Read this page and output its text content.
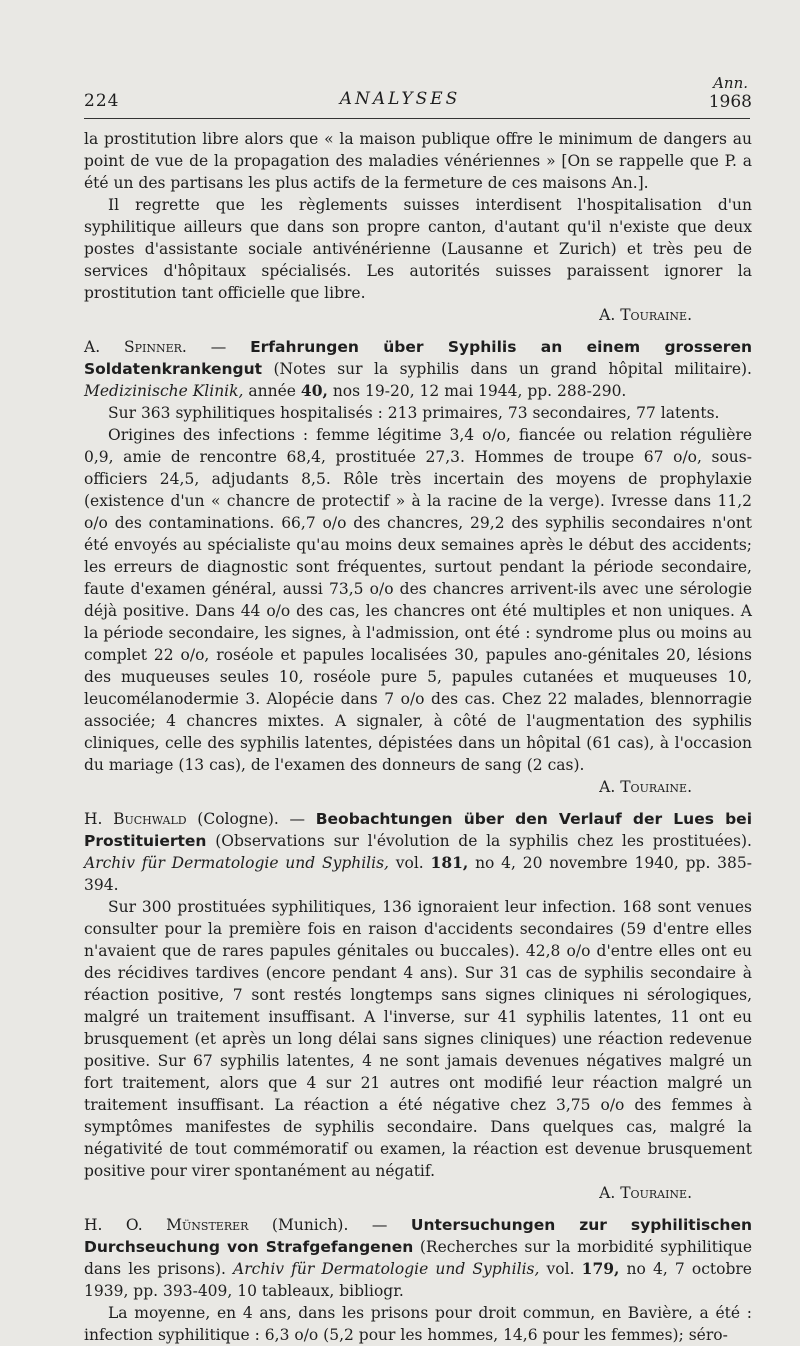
224	ANALYSES
Ann.
1968

la prostitution libre alors que « la maison publique offre le minimum de dangers au point de vue de la propagation des maladies vénériennes » [On se rappelle que P. a été un des partisans les plus actifs de la fermeture de ces maisons An.].

Il regrette que les règlements suisses interdisent l'hospitalisation d'un syphilitique ailleurs que dans son propre canton, d'autant qu'il n'existe que deux postes d'assistante sociale antivénérienne (Lausanne et Zurich) et très peu de services d'hôpitaux spécialisés. Les autorités suisses paraissent ignorer la prostitution tant officielle que libre.

A. Touraine.

A. Spinner. — Erfahrungen über Syphilis an einem grosseren Soldatenkrankengut (Notes sur la syphilis dans un grand hôpital militaire). Medizinische Klinik, année 40, nos 19-20, 12 mai 1944, pp. 288-290.

Sur 363 syphilitiques hospitalisés : 213 primaires, 73 secondaires, 77 latents.

Origines des infections : femme légitime 3,4 o/o, fiancée ou relation régulière 0,9, amie de rencontre 68,4, prostituée 27,3. Hommes de troupe 67 o/o, sous-officiers 24,5, adjudants 8,5. Rôle très incertain des moyens de prophylaxie (existence d'un « chancre de protectif » à la racine de la verge). Ivresse dans 11,2 o/o des contaminations. 66,7 o/o des chancres, 29,2 des syphilis secondaires n'ont été envoyés au spécialiste qu'au moins deux semaines après le début des accidents; les erreurs de diagnostic sont fréquentes, surtout pendant la période secondaire, faute d'examen général, aussi 73,5 o/o des chancres arrivent-ils avec une sérologie déjà positive. Dans 44 o/o des cas, les chancres ont été multiples et non uniques. A la période secondaire, les signes, à l'admission, ont été : syndrome plus ou moins au complet 22 o/o, roséole et papules localisées 30, papules ano-génitales 20, lésions des muqueuses seules 10, roséole pure 5, papules cutanées et muqueuses 10, leucomélanodermie 3. Alopécie dans 7 o/o des cas. Chez 22 malades, blennorragie associée; 4 chancres mixtes. A signaler, à côté de l'augmentation des syphilis cliniques, celle des syphilis latentes, dépistées dans un hôpital (61 cas), à l'occasion du mariage (13 cas), de l'examen des donneurs de sang (2 cas).

A. Touraine.

H. Buchwald (Cologne). — Beobachtungen über den Verlauf der Lues bei Prostituierten (Observations sur l'évolution de la syphilis chez les prostituées). Archiv für Dermatologie und Syphilis, vol. 181, no 4, 20 novembre 1940, pp. 385-394.

Sur 300 prostituées syphilitiques, 136 ignoraient leur infection. 168 sont venues consulter pour la première fois en raison d'accidents secondaires (59 d'entre elles n'avaient que de rares papules génitales ou buccales). 42,8 o/o d'entre elles ont eu des récidives tardives (encore pendant 4 ans). Sur 31 cas de syphilis secondaire à réaction positive, 7 sont restés longtemps sans signes cliniques ni sérologiques, malgré un traitement insuffisant. A l'inverse, sur 41 syphilis latentes, 11 ont eu brusquement (et après un long délai sans signes cliniques) une réaction redevenue positive. Sur 67 syphilis latentes, 4 ne sont jamais devenues négatives malgré un fort traitement, alors que 4 sur 21 autres ont modifié leur réaction malgré un traitement insuffisant. La réaction a été négative chez 3,75 o/o des femmes à symptômes manifestes de syphilis secondaire. Dans quelques cas, malgré la négativité de tout commémoratif ou examen, la réaction est devenue brusquement positive pour virer spontanément au négatif.

A. Touraine.

H. O. Münsterer (Munich). — Untersuchungen zur syphilitischen Durchseuchung von Strafgefangenen (Recherches sur la morbidité syphilitique dans les prisons). Archiv für Dermatologie und Syphilis, vol. 179, no 4, 7 octobre 1939, pp. 393-409, 10 tableaux, bibliogr.

La moyenne, en 4 ans, dans les prisons pour droit commun, en Bavière, a été : infection syphilitique : 6,3 o/o (5,2 pour les hommes, 14,6 pour les femmes); séro-
